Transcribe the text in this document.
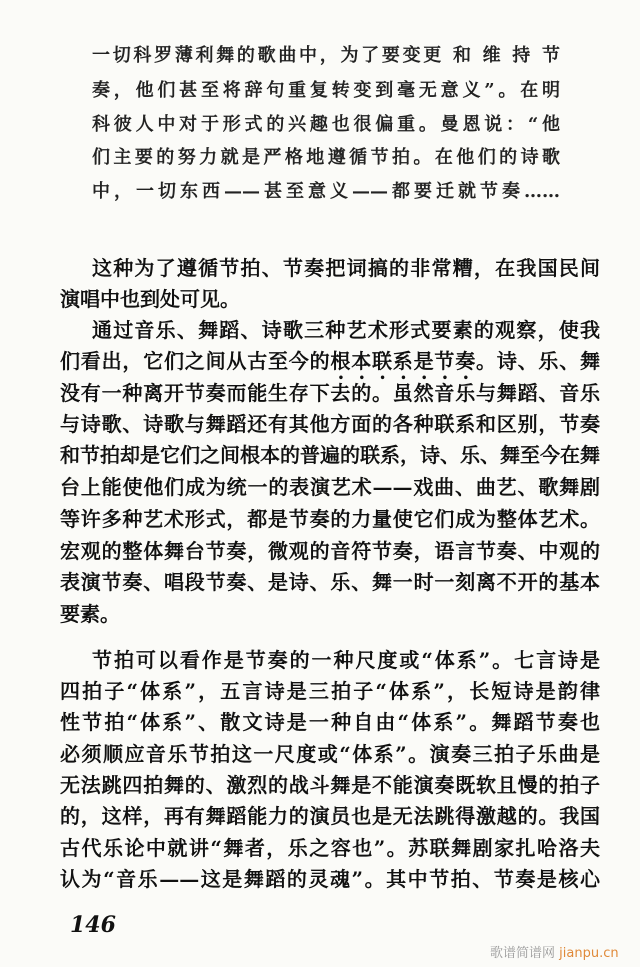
一切科罗薄利舞的歌曲中，为了要变更 和 维 持 节
奏，他们甚至将辞句重复转变到毫无意义”。在明
科彼人中对于形式的兴趣也很偏重。曼恩说：“他
们主要的努力就是严格地遵循节拍。在他们的诗歌
中，一切东西——甚至意义——都要迁就节奏……
这种为了遵循节拍、节奏把词搞的非常糟，在我国民间
演唱中也到处可见。
通过音乐、舞蹈、诗歌三种艺术形式要素的观察，使我
们看出，它们之间从古至今的根本联系是节奏。诗、乐、舞
没有一种离开节奏而能生存下去的。虽然音乐与舞蹈、音乐
与诗歌、诗歌与舞蹈还有其他方面的各种联系和区别，节奏
和节拍却是它们之间根本的普遍的联系，诗、乐、舞至今在舞
台上能使他们成为统一的表演艺术——戏曲、曲艺、歌舞剧
等许多种艺术形式，都是节奏的力量使它们成为整体艺术。
宏观的整体舞台节奏，微观的音符节奏，语言节奏、中观的
表演节奏、唱段节奏、是诗、乐、舞一时一刻离不开的基本
要素。
节拍可以看作是节奏的一种尺度或“体系”。七言诗是
四拍子“体系”，五言诗是三拍子“体系”，长短诗是韵律
性节拍“体系”、散文诗是一种自由“体系”。舞蹈节奏也
必须顺应音乐节拍这一尺度或“体系”。演奏三拍子乐曲是
无法跳四拍舞的、激烈的战斗舞是不能演奏既软且慢的拍子
的，这样，再有舞蹈能力的演员也是无法跳得激越的。我国
古代乐论中就讲“舞者，乐之容也”。苏联舞剧家扎哈洛夫
认为“音乐——这是舞蹈的灵魂”。其中节拍、节奏是核心
146
歌谱简谱网 jianpu.cn
